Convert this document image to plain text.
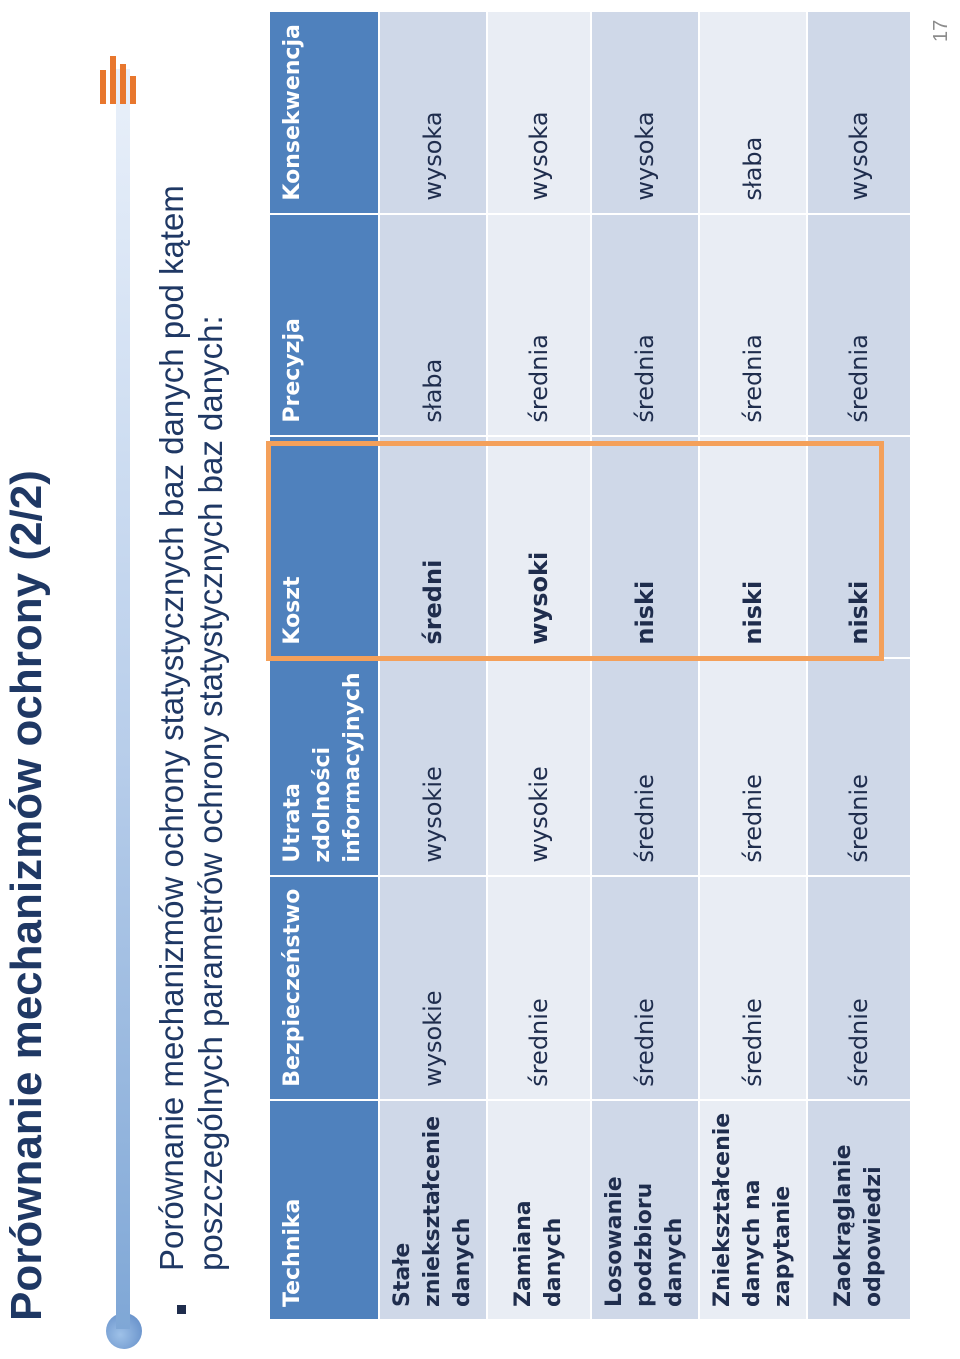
Porównanie mechanizmów ochrony (2/2)	Porównanie mechanizmów ochrony statystycznych baz danych pod kątem poszczególnych parametrów ochrony statystycznych baz danych: Technika	Bezpieczeństwo	Utrata zdolności informacyjnych	Koszt	Precyzja	Konsekwencja
Stałe zniekształcenie danych	wysokie	wysokie	średni	słaba	wysoka
Zamiana danych	średnie	wysokie	wysoki	średnia	wysoka
Losowanie podzbioru danych	średnie	średnie	niski	średnia	wysoka
Zniekształcenie danych na zapytanie	średnie	średnie	niski	średnia	słaba
Zaokrąglanie odpowiedzi	średnie	średnie	niski	średnia	wysoka
17
